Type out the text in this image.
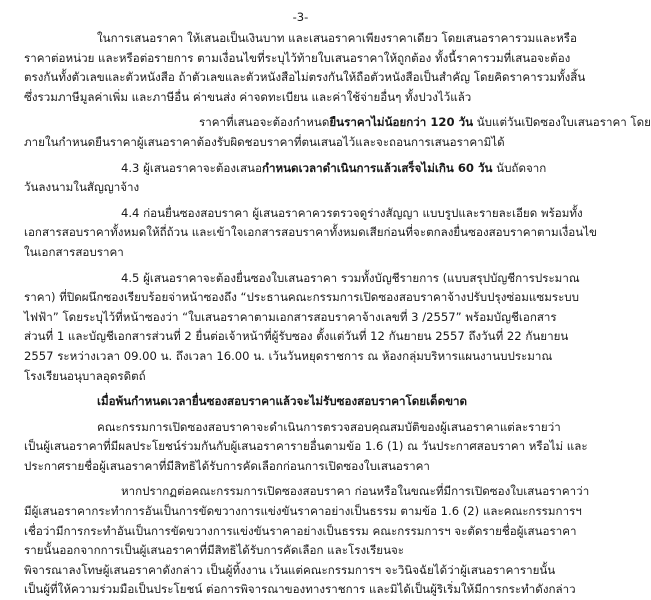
-3-
ในการเสนอราคา ให้เสนอเป็นเงินบาท และเสนอราคาเพียงราคาเดียว โดยเสนอราคารวมและหรือ
ราคาต่อหน่วย และหรือต่อรายการ ตามเงื่อนไขที่ระบุไว้ท้ายใบเสนอราคาให้ถูกต้อง ทั้งนี้ราคารวมที่เสนอจะต้อง
ตรงกันทั้งตัวเลขและตัวหนังสือ ถ้าตัวเลขและตัวหนังสือไม่ตรงกันให้ถือตัวหนังสือเป็นสำคัญ โดยคิดราคารวมทั้งสิ้น
ซึ่งรวมภาษีมูลค่าเพิ่ม และภาษีอื่น ค่าขนส่ง ค่าจดทะเบียน และค่าใช้จ่ายอื่นๆ ทั้งปวงไว้แล้ว
ราคาที่เสนอจะต้องกำหนดยืนราคาไม่น้อยกว่า 120 วัน นับแต่วันเปิดซองใบเสนอราคา โดย
ภายในกำหนดยืนราคาผู้เสนอราคาต้องรับผิดชอบราคาที่ตนเสนอไว้และจะถอนการเสนอราคามิได้
4.3 ผู้เสนอราคาจะต้องเสนอกำหนดเวลาดำเนินการแล้วเสร็จไม่เกิน 60 วัน นับถัดจาก
วันลงนามในสัญญาจ้าง
4.4 ก่อนยื่นซองสอบราคา ผู้เสนอราคาควรตรวจดูร่างสัญญา แบบรูปและรายละเอียด พร้อมทั้ง
เอกสารสอบราคาทั้งหมดให้ถี่ถ้วน และเข้าใจเอกสารสอบราคาทั้งหมดเสียก่อนที่จะตกลงยื่นซองสอบราคาตามเงื่อนไข
ในเอกสารสอบราคา
4.5 ผู้เสนอราคาจะต้องยื่นซองใบเสนอราคา รวมทั้งบัญชีรายการ (แบบสรุปบัญชีการประมาณ
ราคา) ที่ปิดผนึกซองเรียบร้อยจ่าหน้าซองถึง “ประธานคณะกรรมการเปิดซองสอบราคาจ้างปรับปรุงซ่อมแซมระบบ
ไฟฟ้า” โดยระบุไว้ที่หน้าซองว่า “ใบเสนอราคาตามเอกสารสอบราคาจ้างเลขที่ 3 /2557” พร้อมบัญชีเอกสาร
ส่วนที่ 1 และบัญชีเอกสารส่วนที่ 2 ยื่นต่อเจ้าหน้าที่ผู้รับซอง ตั้งแต่วันที่ 12 กันยายน 2557 ถึงวันที่ 22 กันยายน
2557 ระหว่างเวลา 09.00 น. ถึงเวลา 16.00 น. เว้นวันหยุดราชการ ณ ห้องกลุ่มบริหารแผนงานบประมาณ
โรงเรียนอนุบาลอุดรดิตถ์
เมื่อพ้นกำหนดเวลายื่นซองสอบราคาแล้วจะไม่รับซองสอบราคาโดยเด็ดขาด
คณะกรรมการเปิดซองสอบราคาจะดำเนินการตรวจสอบคุณสมบัติของผู้เสนอราคาแต่ละรายว่า
เป็นผู้เสนอราคาที่มีผลประโยชน์ร่วมกันกับผู้เสนอราคารายอื่นตามข้อ 1.6 (1) ณ วันประกาศสอบราคา หรือไม่ และ
ประกาศรายชื่อผู้เสนอราคาที่มีสิทธิได้รับการคัดเลือกก่อนการเปิดซองใบเสนอราคา
หากปรากฏต่อคณะกรรมการเปิดซองสอบราคา ก่อนหรือในขณะที่มีการเปิดซองใบเสนอราคาว่า
มีผู้เสนอราคากระทำการอันเป็นการขัดขวางการแข่งขันราคาอย่างเป็นธรรม ตามข้อ 1.6 (2) และคณะกรรมการฯ
เชื่อว่ามีการกระทำอันเป็นการขัดขวางการแข่งขันราคาอย่างเป็นธรรม คณะกรรมการฯ จะตัดรายชื่อผู้เสนอราคา
รายนั้นออกจากการเป็นผู้เสนอราคาที่มีสิทธิได้รับการคัดเลือก และโรงเรียนจะ
พิจารณาลงโทษผู้เสนอราคาดังกล่าว เป็นผู้ทิ้งงาน เว้นแต่คณะกรรมการฯ จะวินิจฉัยได้ว่าผู้เสนอราคารายนั้น
เป็นผู้ที่ให้ความร่วมมือเป็นประโยชน์ ต่อการพิจารณาของทางราชการ และมิได้เป็นผู้ริเริ่มให้มีการกระทำดังกล่าว
